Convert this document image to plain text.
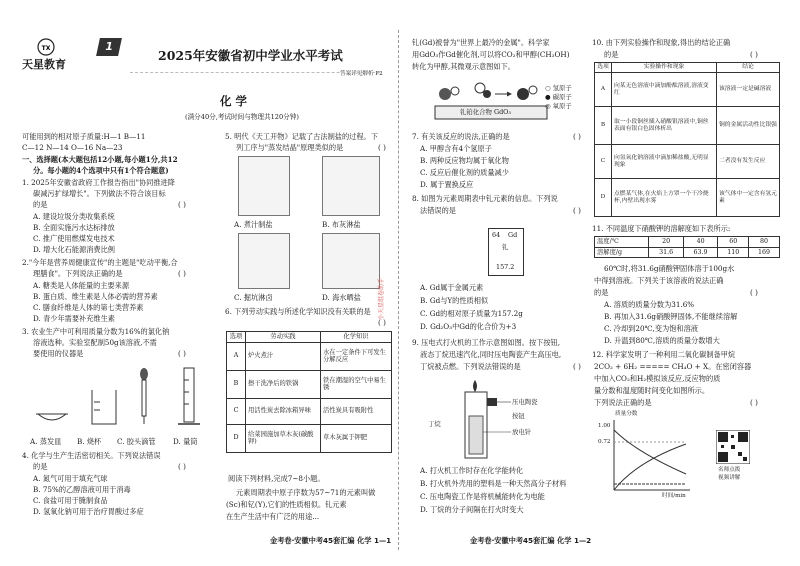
TX
天星教育
1
2025年安徽省初中学业水平考试
答案详见解析 P2
化 学
(满分40分,考试时间与物理共120分钟)
可能用到的相对原子质量:H—1 B—11
C—12 N—14 O—16 Na—23
一、选择题(本大题包括12小题,每小题1分,共12
分。每小题的4个选项中只有1个符合题意)
1. 2025年安徽省政府工作报告指出"协同推进降
碳减污扩绿增长"。下列做法不符合该目标
的是	( )
A. 建设垃圾分类收集系统
B. 全面实施污水达标排放
C. 推广使用燃煤发电技术
D. 增大化石能源消费比例
2."今年是营养周健康宣传"的主题是"吃动平衡,合
理膳食"。下列说法正确的是	( )
A. 糖类是人体能量的主要来源
B. 蛋白质、维生素是人体必需的营养素
C. 膳食纤维是人体的第七类营养素
D. 青少年需要补充维生素
3. 农业生产中可利用质量分数为16%的氯化钠
溶液选种。实验室配制50g该溶液,不需
要使用的仪器是	( )
A. 蒸发皿 B. 烧杯 C. 胶头滴管 D. 量筒
4. 化学与生产生活密切相关。下列说法错误
的是	( )
A. 氮气可用于填充气球
B. 75%的乙醇溶液可用于消毒
C. 食盐可用于腌制食品
D. 氢氧化钠可用于治疗胃酸过多症
5. 明代《天工开物》记载了古法制盐的过程。下
列工序与"蒸发结晶"原理类似的是	( )
A. 煮汁制盐	B. 布灰淋盐
C. 掘坑淋卤	D. 海水晒盐
6. 下列劳动实践与所述化学知识没有关联的是
( )
选项	劳动实践	化学知识
A	炉火煮汁	水在一定条件下可发生分解反应
B	擦干洗净后的铁锅	铁在潮湿的空气中易生锈
C	用活性炭去除冰箱异味	活性炭具有吸附性
D	给菜园施加草木灰(碳酸钾)	草木灰属于钾肥
阅读下列材料,完成7~8小题。
元素周期表中原子序数为57~71的元素叫做
(Sc)和钇(Y),它们的性质相似。钆元素
在生产生活中有广泛的用途...
金考卷·安徽中考45套汇编 化学 1—1
小天星组卷助手
钆(Gd)被誉为"世界上最冷的金属"。科学家
用GdO₃作Gd催化剂,可以将CO₂和甲醇(CH₃OH)
转化为甲醇,其微观示意图如下。
钆铂化合物 GdO₃
○ 氢原子
● 碳原子
◎ 氧原子
7. 有关该反应的说法,正确的是	( )
A. 甲醇含有4个氢原子
B. 两种反应物均属于氧化物
C. 反应后催化剂的质量减少
D. 属于置换反应
8. 如图为元素周期表中钆元素的信息。下列说
法错误的是	( )
64 Gd
钆
157.2
A. Gd属于金属元素
B. Gd与Y的性质相似
C. Gd的相对原子质量为157.2g
D. Gd₂O₃中Gd的化合价为+3
9. 压电式打火机的工作示意图如图。按下按钮,
液态丁烷迅速汽化,同时压电陶瓷产生高压电,
丁烷被点燃。下列说法错误的是	( )
压电陶瓷
丁烷
按钮
放电针
A. 打火机工作时存在化学能转化
B. 打火机外壳用的塑料是一种天然高分子材料
C. 压电陶瓷工作是将机械能转化为电能
D. 丁烷的分子间隔在打火时变大
金考卷·安徽中考45套汇编 化学 1—2
10. 由下列实验操作和现象,得出的结论正确
的是	( )
选项	实验操作和现象	结论
A	向某无色溶液中滴加酚酞溶液,溶液变红	该溶液一定是碱溶液
B	取一小段铜丝插入硝酸银溶液中,铜丝表面有银白色固体析出	铜的金属活动性比银强
C	向氢氧化钠溶液中滴加稀盐酸,无明显现象	二者没有发生反应
D	点燃某气体,在火焰上方罩一个干冷烧杯,内壁出现水雾	该气体中一定含有氢元素
11. 不同温度下硝酸钾的溶解度如下表所示:
温度/℃	20	40	60	80
溶解度/g	31.6	63.9	110	169
60℃时,将31.6g硝酸钾固体溶于100g水
中得到溶液。下列关于该溶液的说法正确
的是	( )
A. 溶质的质量分数为31.6%
B. 再加入31.6g硝酸钾固体,不能继续溶解
C. 冷却到20℃,变为饱和溶液
D. 升温到80℃,溶质的质量分数增大
12. 科学家发明了一种利用二氧化碳制备甲烷
2CO₂ + 6H₂ ===== CH₄O + X。在密闭容器
中加入CO₂和H₂模拟该反应,反应物的质
量分数和温度随时间变化如图所示。
下列说法正确的是	( )
质量分数
1.00
0.72
时间/min
名师点拨
视频讲解
